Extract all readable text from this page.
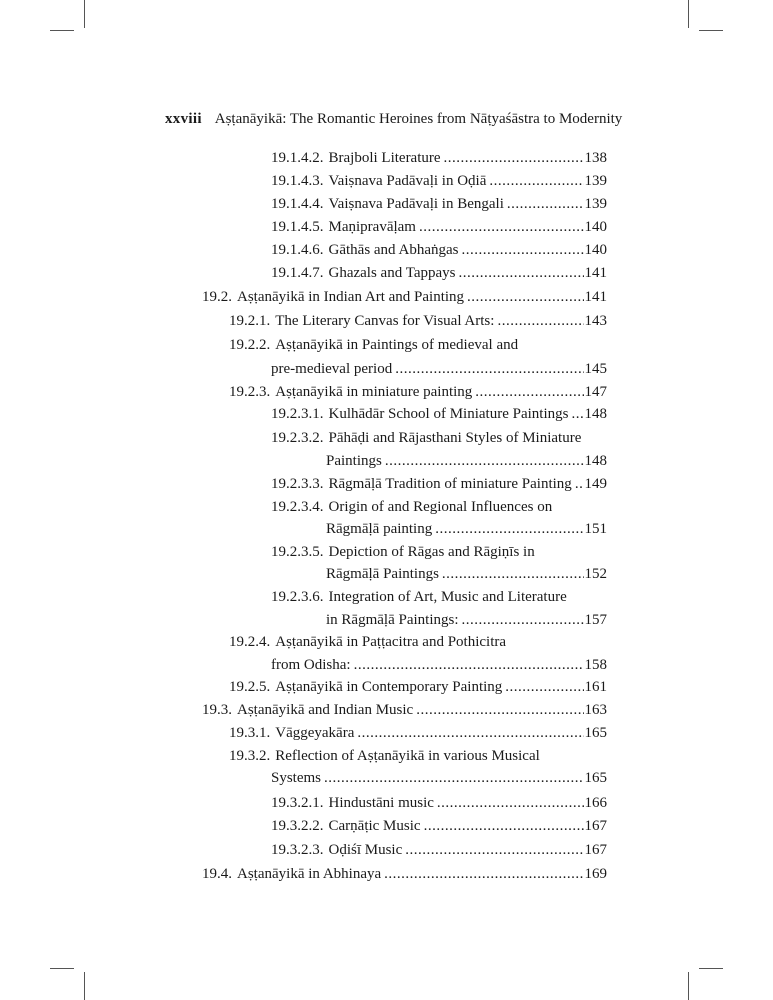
xxviii Aṣṭanāyikā: The Romantic Heroines from Nāṭyaśāstra to Modernity
19.1.4.2. Brajboli Literature .....	138
19.1.4.3. Vaiṣnava Padāvaḷi in Oḍiā .....	139
19.1.4.4. Vaiṣnava Padāvaḷi in Bengali .....	139
19.1.4.5. Maṇipravāḷam .....	140
19.1.4.6. Gāthās and Abhaṅgas .....	140
19.1.4.7. Ghazals and Tappays .....	141
19.2. Aṣṭanāyikā in Indian Art and Painting .....	141
19.2.1. The Literary Canvas for Visual Arts: .....	143
19.2.2. Aṣṭanāyikā in Paintings of medieval and
pre-medieval period .....	145
19.2.3. Aṣṭanāyikā in miniature painting .....	147
19.2.3.1. Kulhādār School of Miniature Paintings ..... 148
19.2.3.2. Pāhāḍi and Rājasthani Styles of Miniature
Paintings .....	148
19.2.3.3. Rāgmāḷā Tradition of miniature Painting ..... 149
19.2.3.4. Origin of and Regional Influences on
Rāgmāḷā painting .....	151
19.2.3.5. Depiction of Rāgas and Rāgiṇīs in
Rāgmāḷā Paintings .....	152
19.2.3.6. Integration of Art, Music and Literature
in Rāgmāḷā Paintings: .....	157
19.2.4. Aṣṭanāyikā in Paṭṭacitra and Pothicitra
from Odisha: .....	158
19.2.5. Aṣṭanāyikā in Contemporary Painting .....	161
19.3. Aṣṭanāyikā and Indian Music .....	163
19.3.1. Vāggeyakāra .....	165
19.3.2. Reflection of Aṣṭanāyikā in various Musical
Systems .....	165
19.3.2.1. Hindustāni music .....	166
19.3.2.2. Carṇāṭic Music .....	167
19.3.2.3. Oḍiśī Music .....	167
19.4. Aṣṭanāyikā in Abhinaya .....	169
